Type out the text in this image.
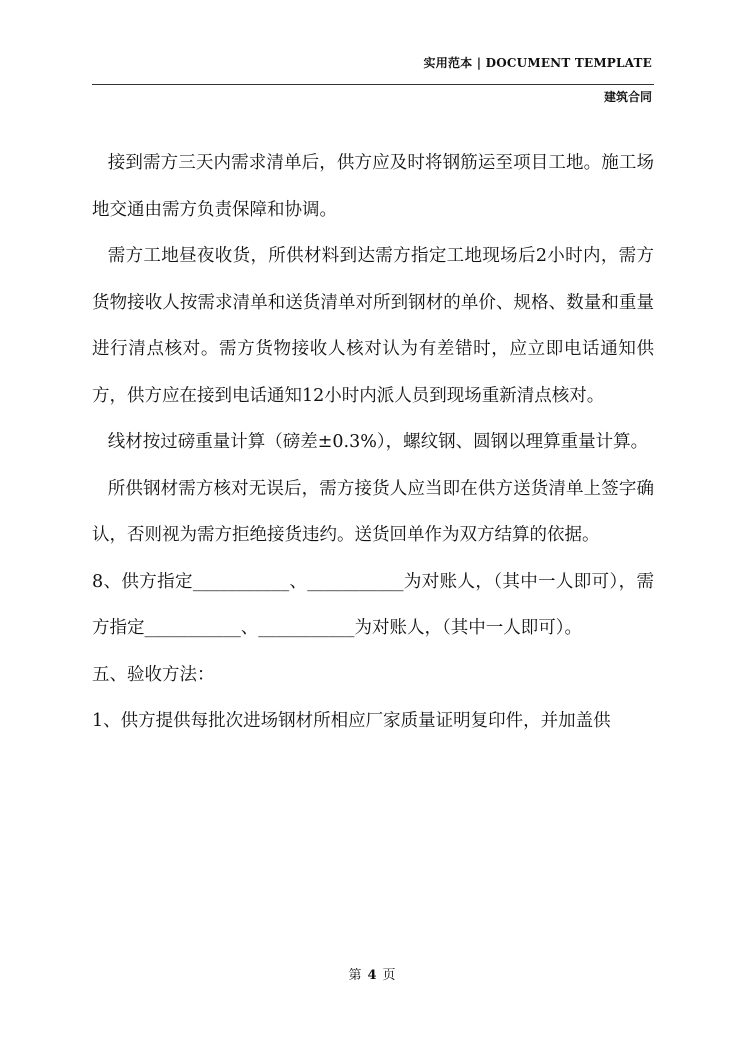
实用范本 | DOCUMENT TEMPLATE
建筑合同

接到需方三天内需求清单后，供方应及时将钢筋运至项目工地。施工场地交通由需方负责保障和协调。

需方工地昼夜收货，所供材料到达需方指定工地现场后2小时内，需方货物接收人按需求清单和送货清单对所到钢材的单价、规格、数量和重量进行清点核对。需方货物接收人核对认为有差错时，应立即电话通知供方，供方应在接到电话通知12小时内派人员到现场重新清点核对。

线材按过磅重量计算（磅差±0.3%），螺纹钢、圆钢以理算重量计算。

所供钢材需方核对无误后，需方接货人应当即在供方送货清单上签字确认，否则视为需方拒绝接货违约。送货回单作为双方结算的依据。

8、供方指定___________、___________为对账人，（其中一人即可），需方指定___________、___________为对账人，（其中一人即可）。

五、验收方法：

1、供方提供每批次进场钢材所相应厂家质量证明复印件，并加盖供

第 4 页
